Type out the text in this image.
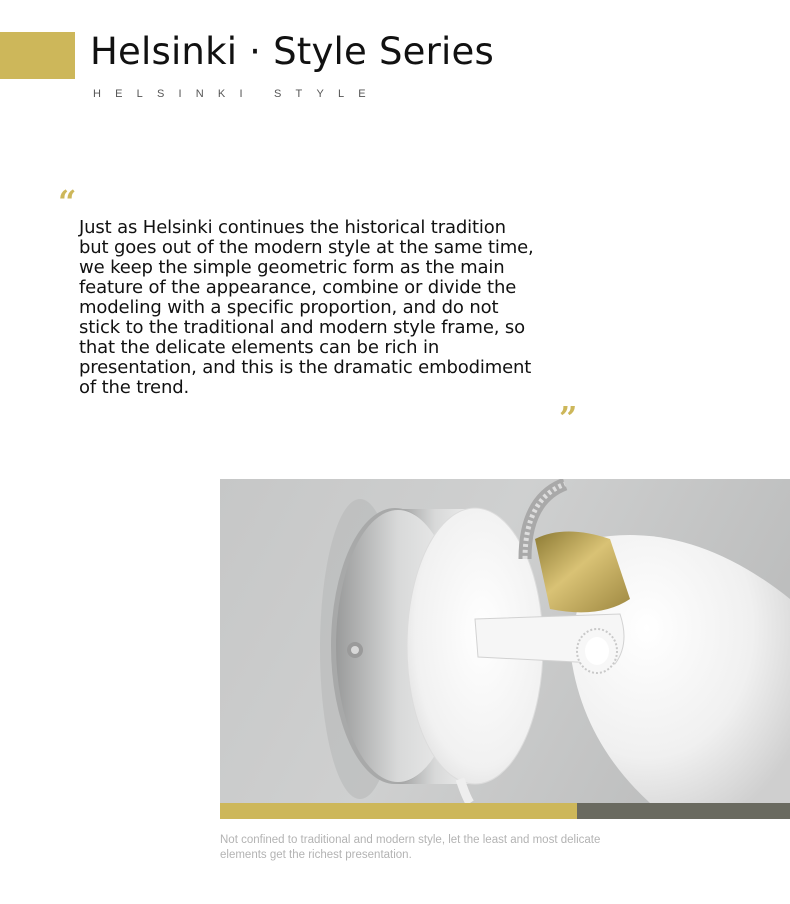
Helsinki · Style Series
HELSINKI STYLE
“

Just as Helsinki continues the historical tradition but goes out of the modern style at the same time, we keep the simple geometric form as the main feature of the appearance, combine or divide the modeling with a specific proportion, and do not stick to the traditional and modern style frame, so that the delicate elements can be rich in presentation, and this is the dramatic embodiment of the trend.

”

Not confined to traditional and modern style, let the least and most delicate elements get the richest presentation.
